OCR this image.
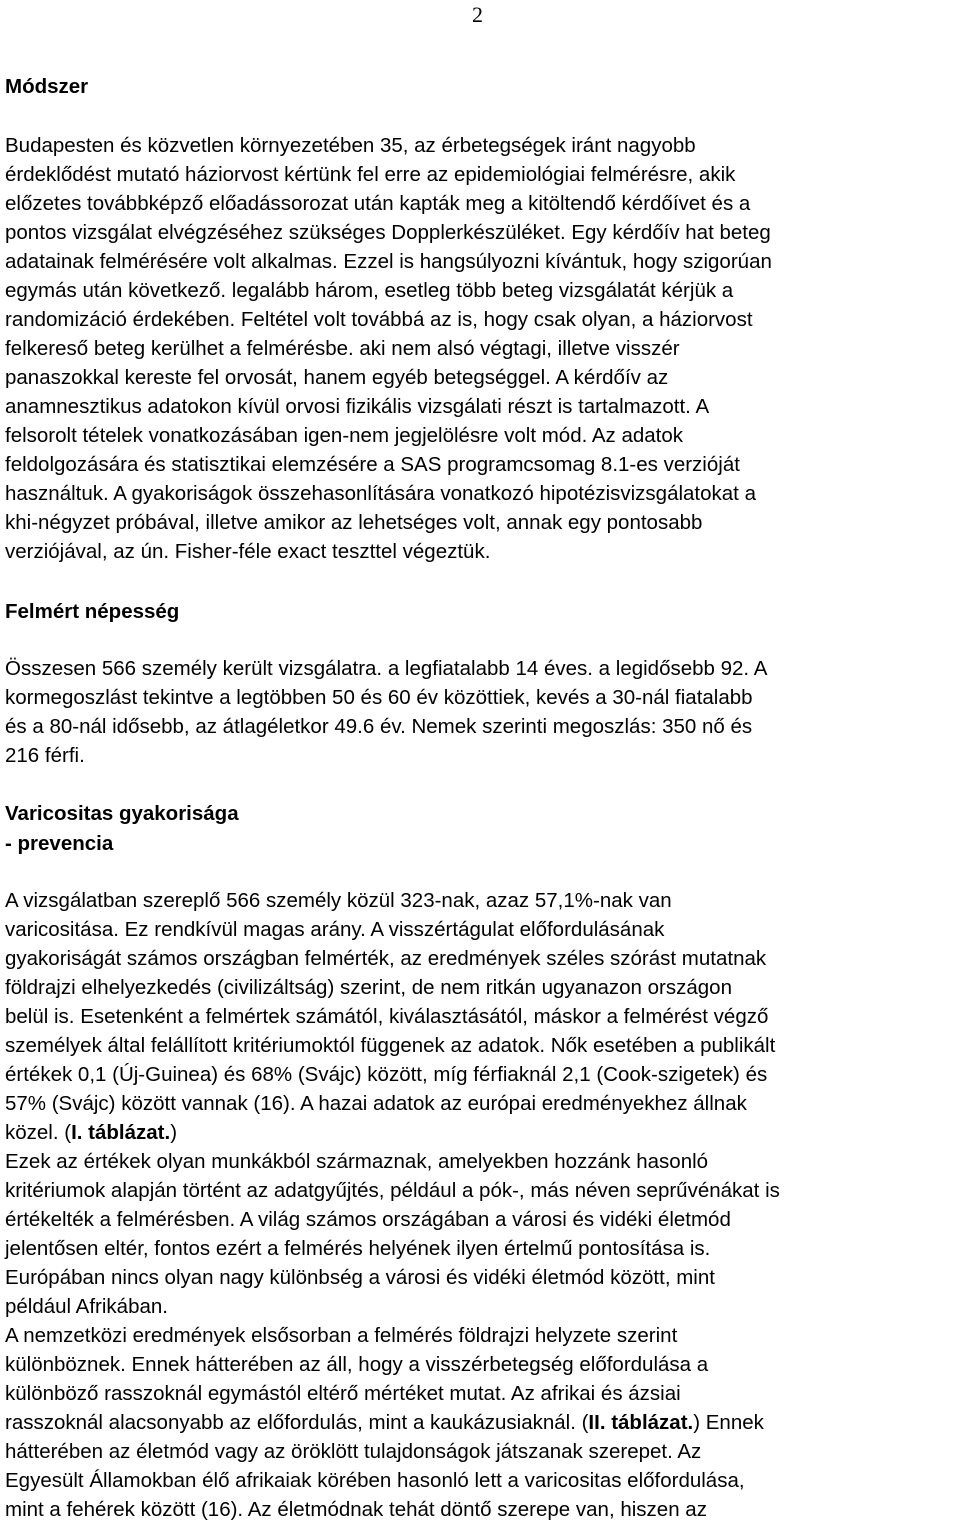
2
Módszer
Budapesten és közvetlen környezetében 35, az érbetegségek iránt nagyobb
érdeklődést mutató háziorvost kértünk fel erre az epidemiológiai felmérésre, akik
előzetes továbbképző előadássorozat után kapták meg a kitöltendő kérdőívet és a
pontos vizsgálat elvégzéséhez szükséges Dopplerkészüléket. Egy kérdőív hat beteg
adatainak felmérésére volt alkalmas. Ezzel is hangsúlyozni kívántuk, hogy szigorúan
egymás után következő. legalább három, esetleg több beteg vizsgálatát kérjük a
randomizáció érdekében. Feltétel volt továbbá az is, hogy csak olyan, a háziorvost
felkereső beteg kerülhet a felmérésbe. aki nem alsó végtagi, illetve visszér
panaszokkal kereste fel orvosát, hanem egyéb betegséggel. A kérdőív az
anamnesztikus adatokon kívül orvosi fizikális vizsgálati részt is tartalmazott. A
felsorolt tételek vonatkozásában igen-nem jegjelölésre volt mód. Az adatok
feldolgozására és statisztikai elemzésére a SAS programcsomag 8.1-es verzióját
használtuk. A gyakoriságok összehasonlítására vonatkozó hipotézisvizsgálatokat a
khi-négyzet próbával, illetve amikor az lehetséges volt, annak egy pontosabb
verziójával, az ún. Fisher-féle exact teszttel végeztük.
Felmért népesség
Összesen 566 személy került vizsgálatra. a legfiatalabb 14 éves. a legidősebb 92. A
kormegoszlást tekintve a legtöbben 50 és 60 év közöttiek, kevés a 30-nál fiatalabb
és a 80-nál idősebb, az átlagéletkor 49.6 év. Nemek szerinti megoszlás: 350 nő és
216 férfi.
Varicositas gyakorisága
- prevencia
A vizsgálatban szereplő 566 személy közül 323-nak, azaz 57,1%-nak van
varicositása. Ez rendkívül magas arány. A visszértágulat előfordulásának
gyakoriságát számos országban felmérték, az eredmények széles szórást mutatnak
földrajzi elhelyezkedés (civilizáltság) szerint, de nem ritkán ugyanazon országon
belül is. Esetenként a felmértek számától, kiválasztásától, máskor a felmérést végző
személyek által felállított kritériumoktól függenek az adatok. Nők esetében a publikált
értékek 0,1 (Új-Guinea) és 68% (Svájc) között, míg férfiaknál 2,1 (Cook-szigetek) és
57% (Svájc) között vannak (16). A hazai adatok az európai eredményekhez állnak
közel. (I. táblázat.)
Ezek az értékek olyan munkákból származnak, amelyekben hozzánk hasonló
kritériumok alapján történt az adatgyűjtés, például a pók-, más néven seprűvénákat is
értékelték a felmérésben. A világ számos országában a városi és vidéki életmód
jelentősen eltér, fontos ezért a felmérés helyének ilyen értelmű pontosítása is.
Európában nincs olyan nagy különbség a városi és vidéki életmód között, mint
például Afrikában.
A nemzetközi eredmények elsősorban a felmérés földrajzi helyzete szerint
különböznek. Ennek hátterében az áll, hogy a visszérbetegség előfordulása a
különböző rasszoknál egymástól eltérő mértéket mutat. Az afrikai és ázsiai
rasszoknál alacsonyabb az előfordulás, mint a kaukázusiaknál. (II. táblázat.) Ennek
hátterében az életmód vagy az öröklött tulajdonságok játszanak szerepet. Az
Egyesült Államokban élő afrikaiak körében hasonló lett a varicositas előfordulása,
mint a fehérek között (16). Az életmódnak tehát döntő szerepe van, hiszen az
